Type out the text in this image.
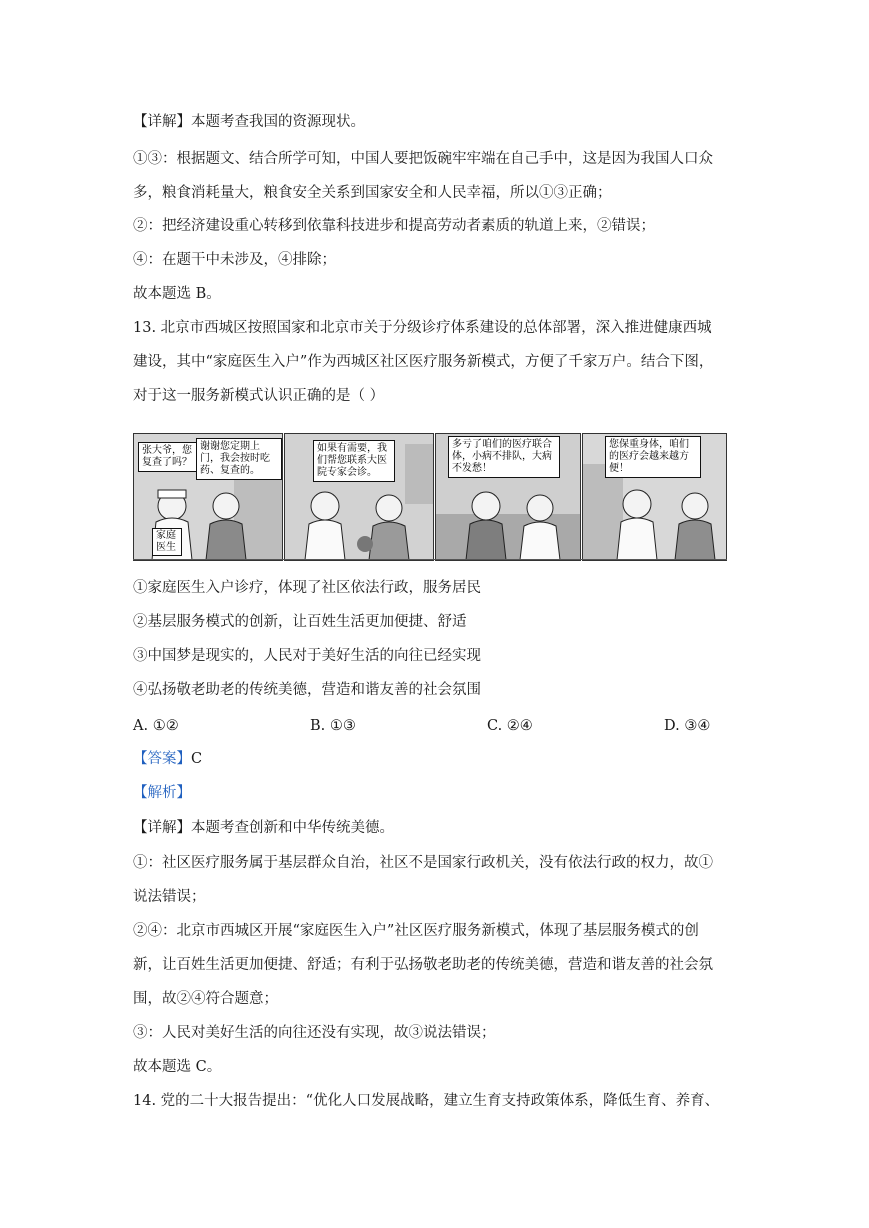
【详解】本题考查我国的资源现状。
①③：根据题文、结合所学可知，中国人要把饭碗牢牢端在自己手中，这是因为我国人口众
多，粮食消耗量大，粮食安全关系到国家安全和人民幸福，所以①③正确；
②：把经济建设重心转移到依靠科技进步和提高劳动者素质的轨道上来，②错误；
④：在题干中未涉及，④排除；
故本题选 B。
13. 北京市西城区按照国家和北京市关于分级诊疗体系建设的总体部署，深入推进健康西城
建设，其中“家庭医生入户”作为西城区社区医疗服务新模式，方便了千家万户。结合下图，
对于这一服务新模式认识正确的是（ ）
张大爷，您复查了吗？
谢谢您定期上门，我会按时吃药、复查的。
家庭医生
如果有需要，我们帮您联系大医院专家会诊。
多亏了咱们的医疗联合体，小病不排队，大病不发愁！
您保重身体，咱们的医疗会越来越方便！
①家庭医生入户诊疗，体现了社区依法行政，服务居民
②基层服务模式的创新，让百姓生活更加便捷、舒适
③中国梦是现实的，人民对于美好生活的向往已经实现
④弘扬敬老助老的传统美德，营造和谐友善的社会氛围
A. ①②	B. ①③	C. ②④	D. ③④
【答案】C
【解析】
【详解】本题考查创新和中华传统美德。
①：社区医疗服务属于基层群众自治，社区不是国家行政机关，没有依法行政的权力，故①
说法错误；
②④：北京市西城区开展“家庭医生入户”社区医疗服务新模式，体现了基层服务模式的创
新，让百姓生活更加便捷、舒适；有利于弘扬敬老助老的传统美德，营造和谐友善的社会氛
围，故②④符合题意；
③：人民对美好生活的向往还没有实现，故③说法错误；
故本题选 C。
14. 党的二十大报告提出：“优化人口发展战略，建立生育支持政策体系，降低生育、养育、
